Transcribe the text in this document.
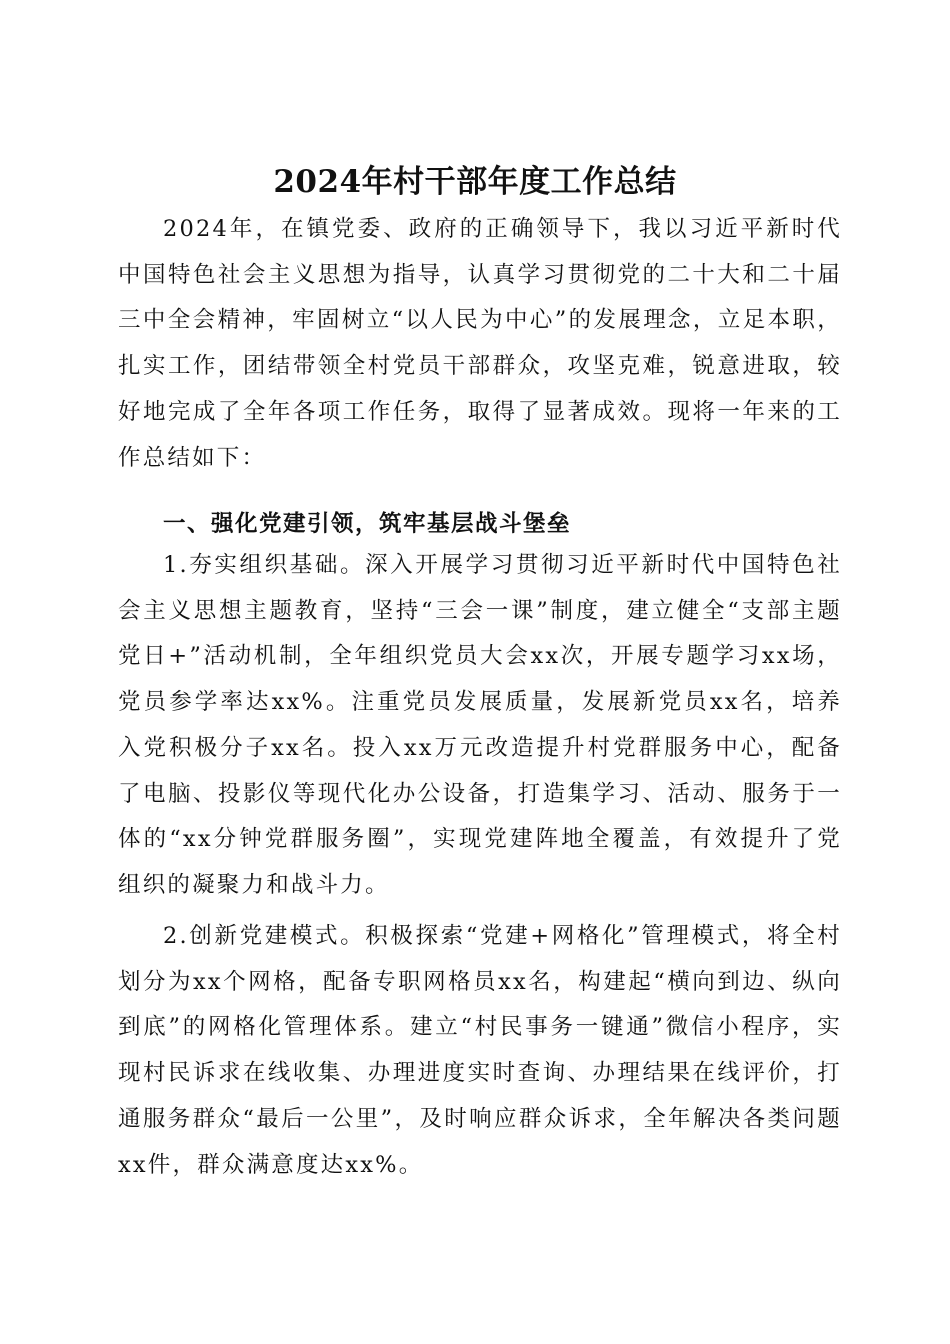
2024年村干部年度工作总结

2024年，在镇党委、政府的正确领导下，我以习近平新时代中国特色社会主义思想为指导，认真学习贯彻党的二十大和二十届三中全会精神，牢固树立“以人民为中心”的发展理念，立足本职，扎实工作，团结带领全村党员干部群众，攻坚克难，锐意进取，较好地完成了全年各项工作任务，取得了显著成效。现将一年来的工作总结如下：

一、强化党建引领，筑牢基层战斗堡垒

1.夯实组织基础。深入开展学习贯彻习近平新时代中国特色社会主义思想主题教育，坚持“三会一课”制度，建立健全“支部主题党日+”活动机制，全年组织党员大会xx次，开展专题学习xx场，党员参学率达xx%。注重党员发展质量，发展新党员xx名，培养入党积极分子xx名。投入xx万元改造提升村党群服务中心，配备了电脑、投影仪等现代化办公设备，打造集学习、活动、服务于一体的“xx分钟党群服务圈”，实现党建阵地全覆盖，有效提升了党组织的凝聚力和战斗力。

2.创新党建模式。积极探索“党建+网格化”管理模式，将全村划分为xx个网格，配备专职网格员xx名，构建起“横向到边、纵向到底”的网格化管理体系。建立“村民事务一键通”微信小程序，实现村民诉求在线收集、办理进度实时查询、办理结果在线评价，打通服务群众“最后一公里”，及时响应群众诉求，全年解决各类问题xx件，群众满意度达xx%。
